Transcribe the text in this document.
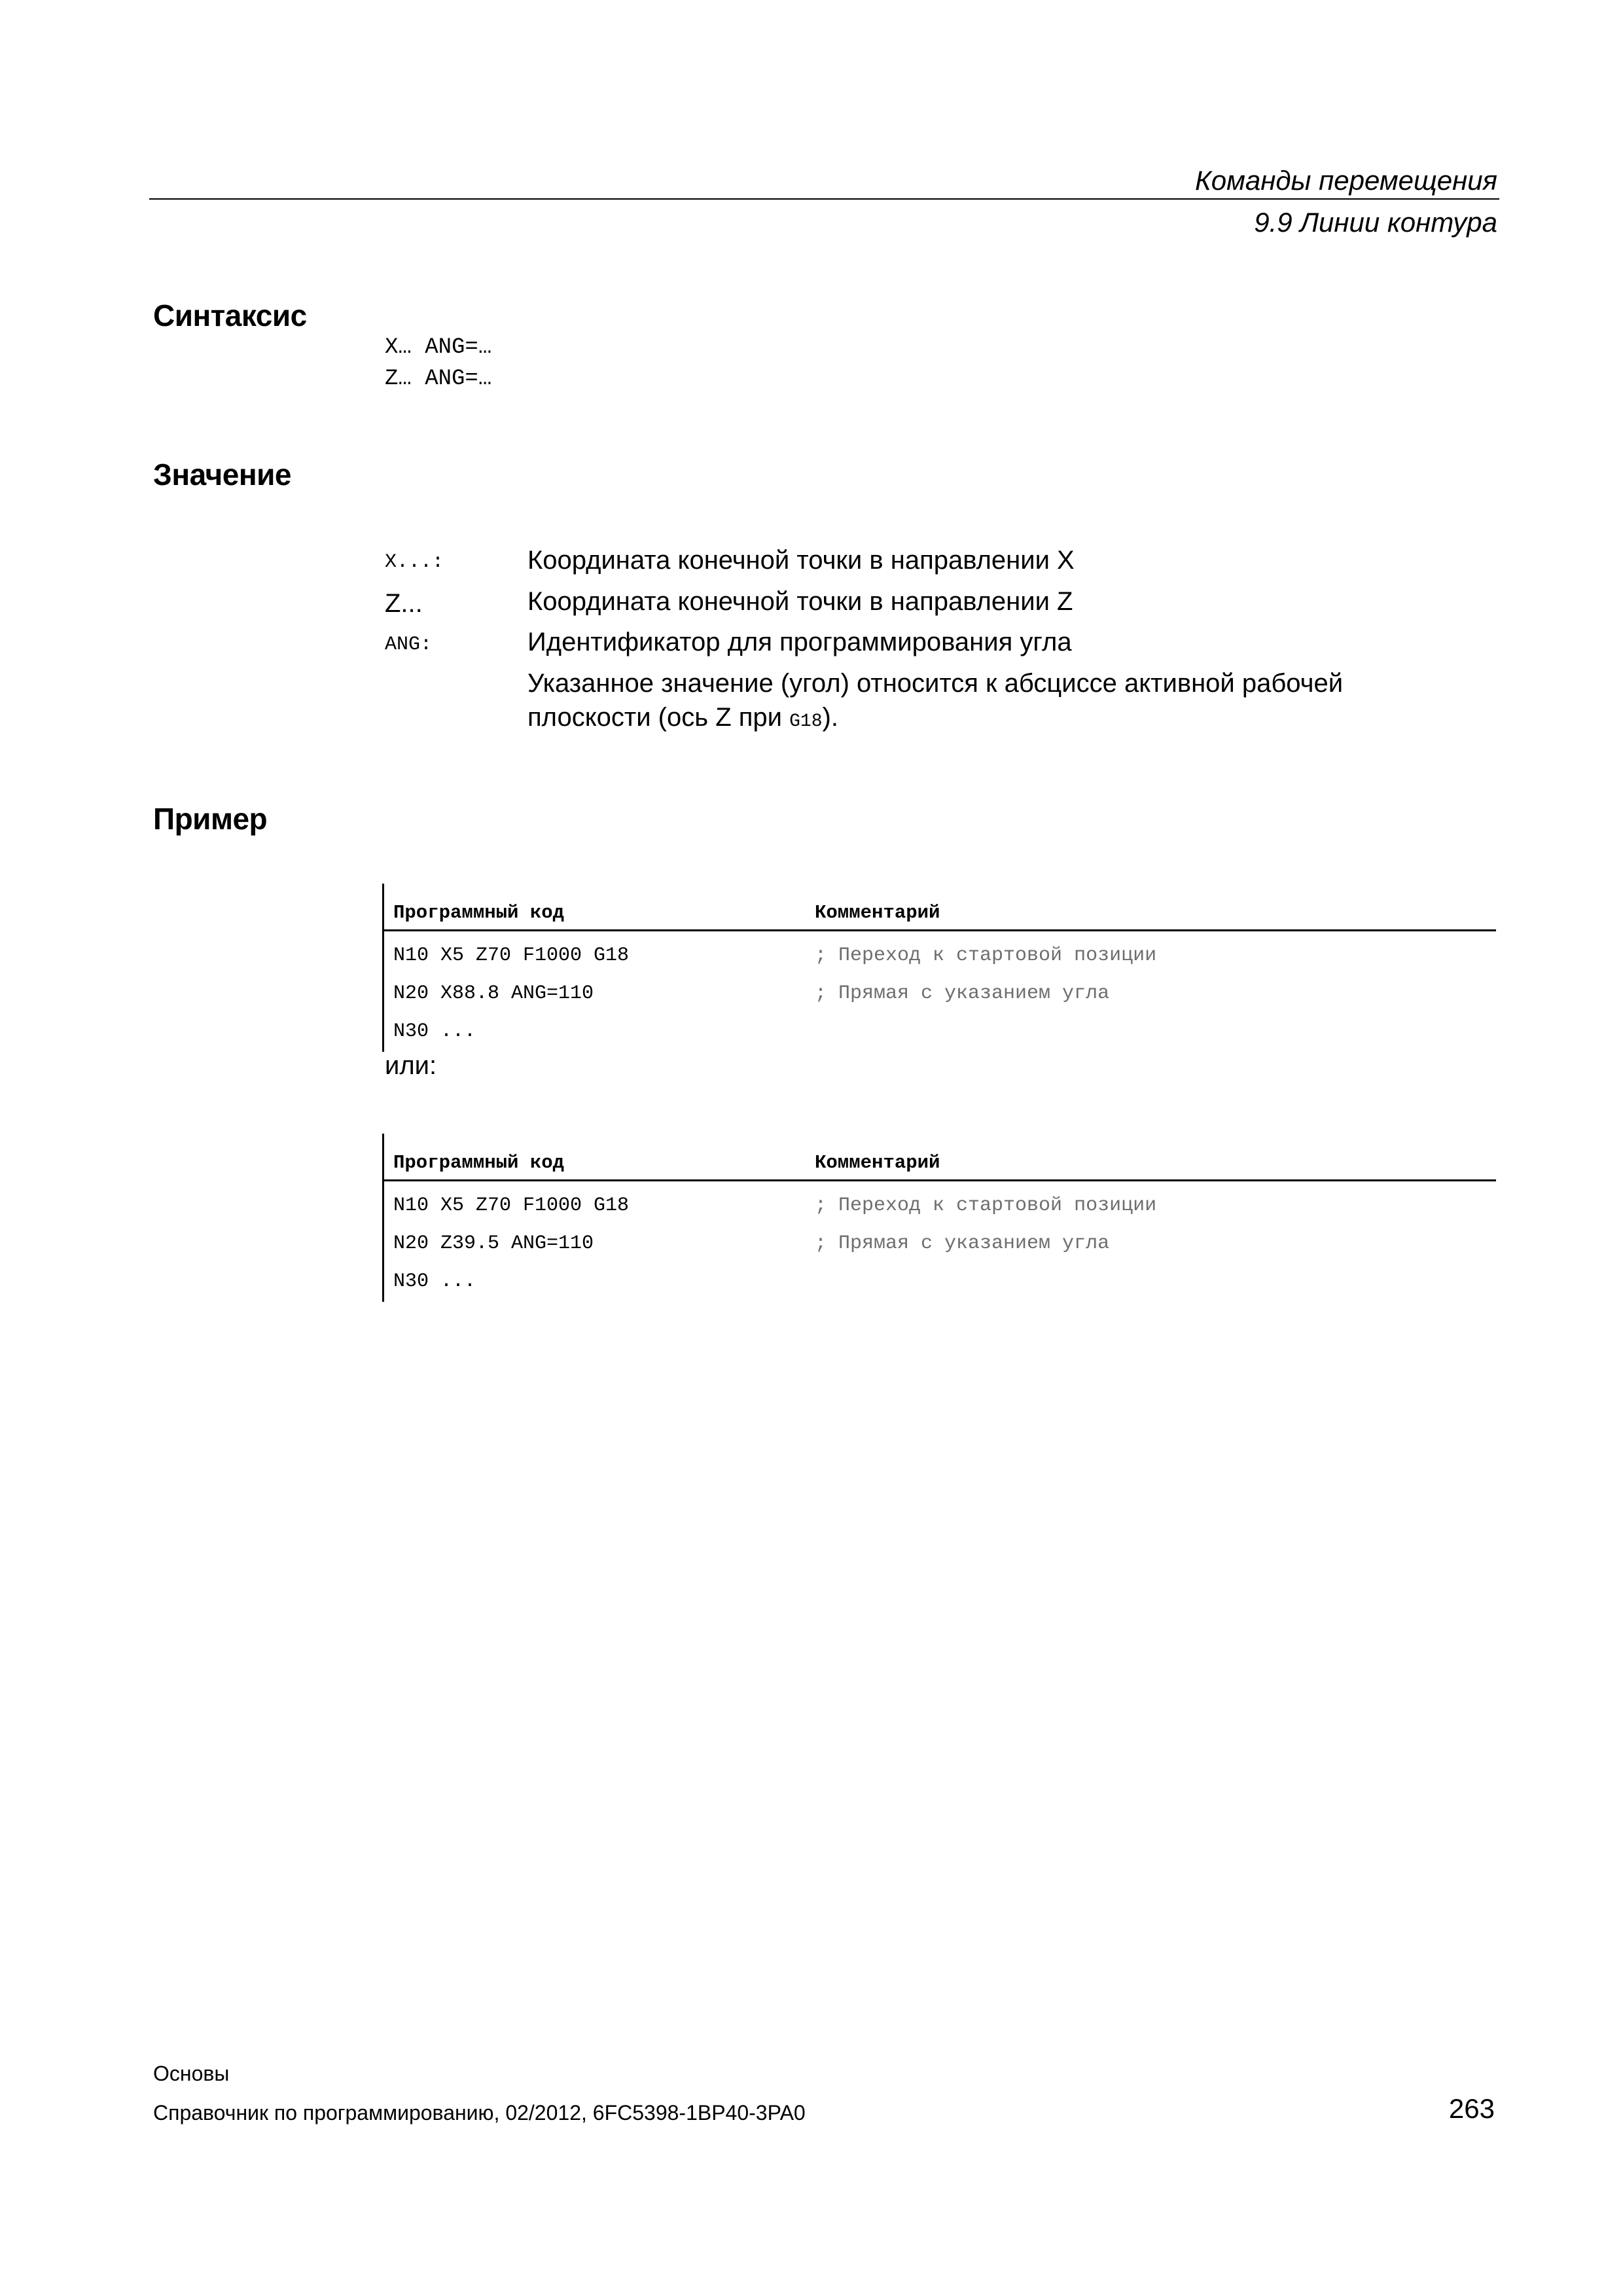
Команды перемещения
9.9 Линии контура
Синтаксис
X… ANG=…
Z… ANG=…
Значение
X...:	Координата конечной точки в направлении X
Z...	Координата конечной точки в направлении Z
ANG:	Идентификатор для программирования угла
Указанное значение (угол) относится к абсциссе активной рабочей плоскости (ось Z при G18).
Пример
Программный код	Комментарий
N10 X5 Z70 F1000 G18	; Переход к стартовой позиции
N20 X88.8 ANG=110	; Прямая с указанием угла
N30 ...
или:
Программный код	Комментарий
N10 X5 Z70 F1000 G18	; Переход к стартовой позиции
N20 Z39.5 ANG=110	; Прямая с указанием угла
N30 ...
Основы
Справочник по программированию, 02/2012, 6FC5398-1BP40-3PA0	263
